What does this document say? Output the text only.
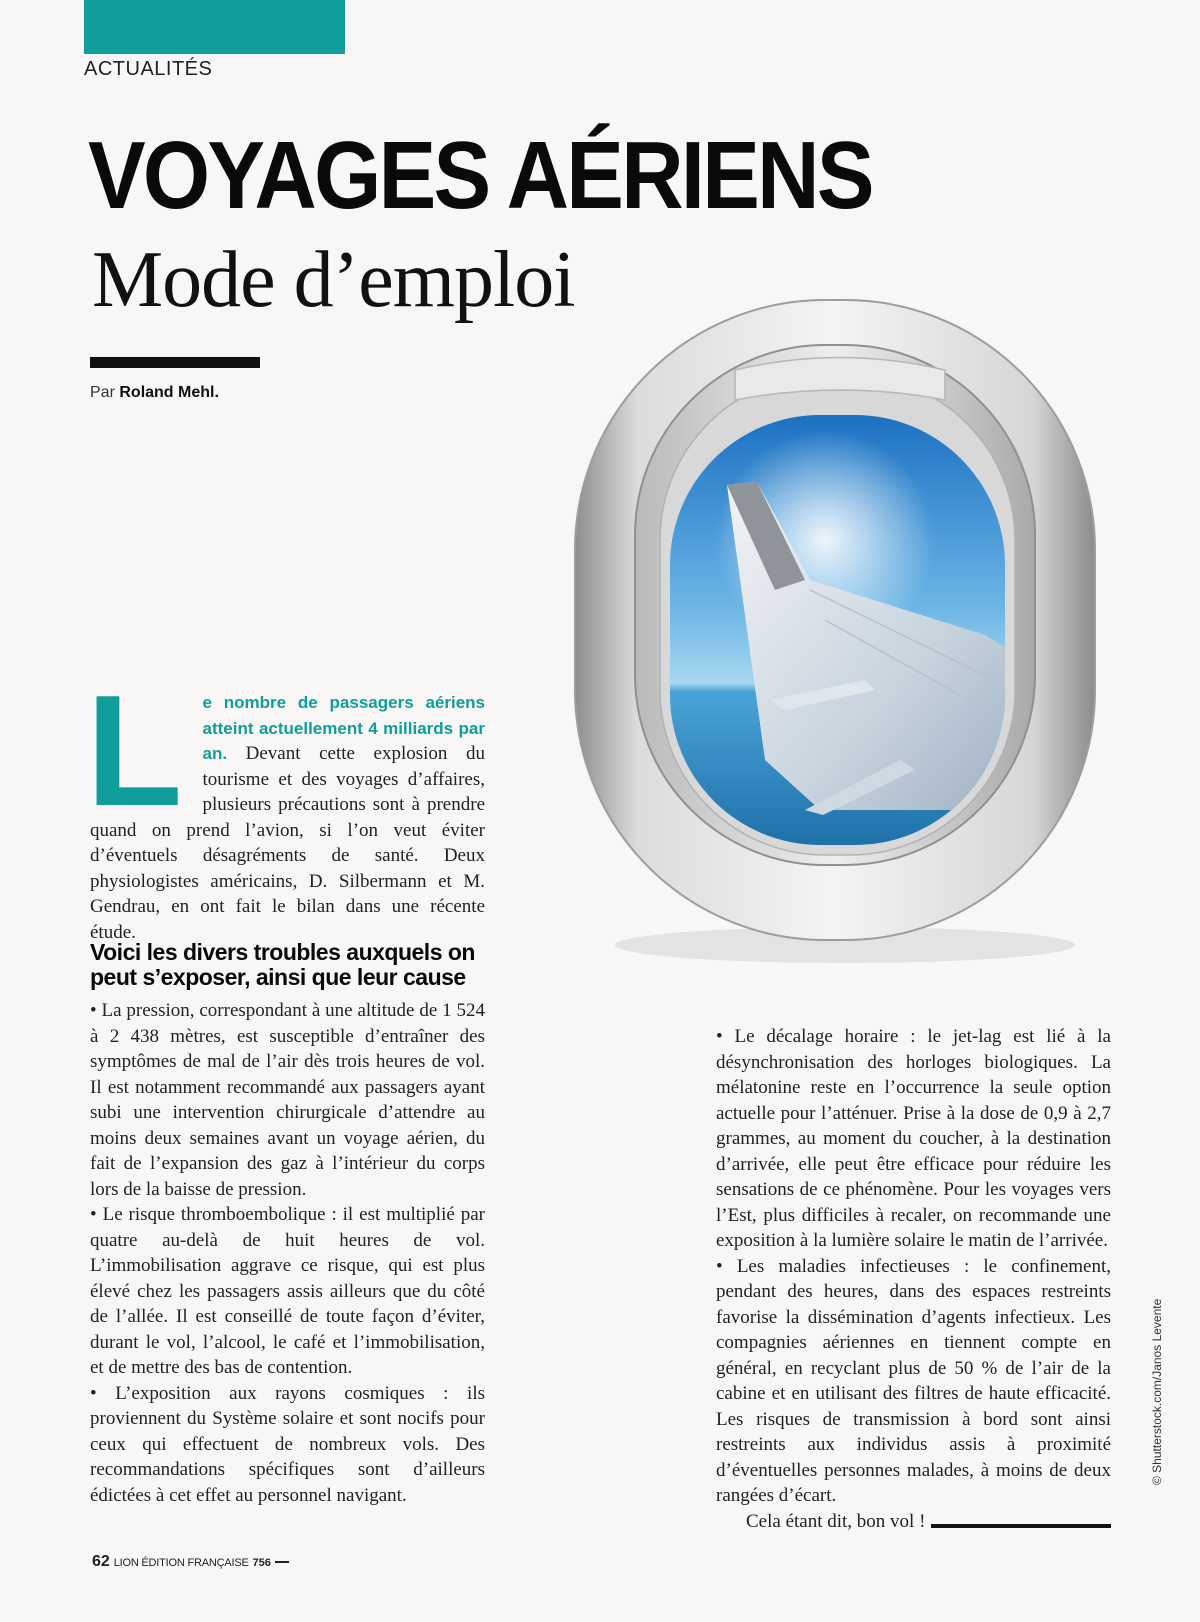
ACTUALITÉS
VOYAGES AÉRIENS
Mode d’emploi
Par Roland Mehl.
L e nombre de passagers aériens atteint actuellement 4 milliards par an. Devant cette explosion du tourisme et des voyages d’affaires, plusieurs précautions sont à prendre quand on prend l’avion, si l’on veut éviter d’éventuels désagréments de santé. Deux physiologistes américains, D. Silbermann et M. Gendrau, en ont fait le bilan dans une récente étude.
Voici les divers troubles auxquels on peut s’exposer, ainsi que leur cause

• La pression, correspondant à une altitude de 1 524 à 2 438 mètres, est susceptible d’entraîner des symptômes de mal de l’air dès trois heures de vol. Il est notamment recommandé aux passagers ayant subi une intervention chirurgicale d’attendre au moins deux semaines avant un voyage aérien, du fait de l’expansion des gaz à l’intérieur du corps lors de la baisse de pression.

• Le risque thromboembolique : il est multiplié par quatre au-delà de huit heures de vol. L’immobilisation aggrave ce risque, qui est plus élevé chez les passagers assis ailleurs que du côté de l’allée. Il est conseillé de toute façon d’éviter, durant le vol, l’alcool, le café et l’immobilisation, et de mettre des bas de contention.

• L’exposition aux rayons cosmiques : ils proviennent du Système solaire et sont nocifs pour ceux qui effectuent de nombreux vols. Des recommandations spécifiques sont d’ailleurs édictées à cet effet au personnel navigant.

• Le décalage horaire : le jet-lag est lié à la désynchronisation des horloges biologiques. La mélatonine reste en l’occurrence la seule option actuelle pour l’atténuer. Prise à la dose de 0,9 à 2,7 grammes, au moment du coucher, à la destination d’arrivée, elle peut être efficace pour réduire les sensations de ce phénomène. Pour les voyages vers l’Est, plus difficiles à recaler, on recommande une exposition à la lumière solaire le matin de l’arrivée.

• Les maladies infectieuses : le confinement, pendant des heures, dans des espaces restreints favorise la dissémination d’agents infectieux. Les compagnies aériennes en tiennent compte en général, en recyclant plus de 50 % de l’air de la cabine et en utilisant des filtres de haute efficacité. Les risques de transmission à bord sont ainsi restreints aux individus assis à proximité d’éventuelles personnes malades, à moins de deux rangées d’écart.

Cela étant dit, bon vol !

© Shutterstock.com/Janos Levente
62 LION ÉDITION FRANÇAISE 756
